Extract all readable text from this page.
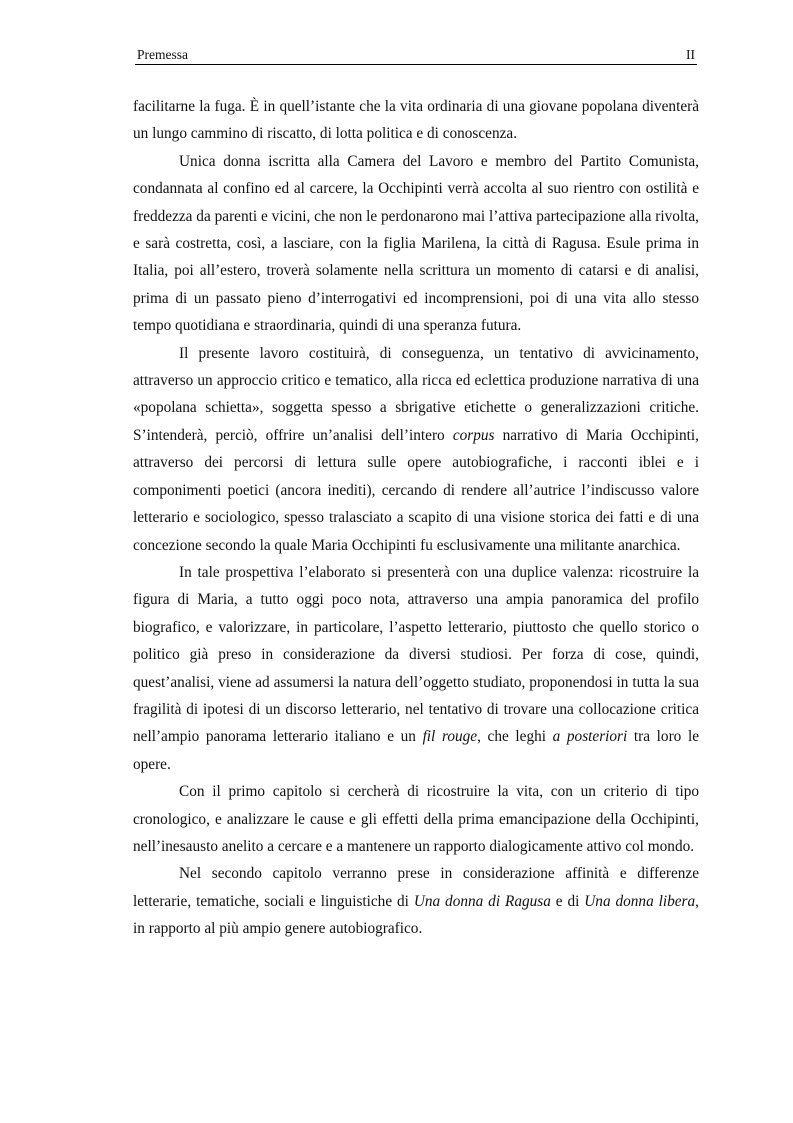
Premessa	II

facilitarne la fuga. È in quell’istante che la vita ordinaria di una giovane popolana diventerà un lungo cammino di riscatto, di lotta politica e di conoscenza.

Unica donna iscritta alla Camera del Lavoro e membro del Partito Comunista, condannata al confino ed al carcere, la Occhipinti verrà accolta al suo rientro con ostilità e freddezza da parenti e vicini, che non le perdonarono mai l’attiva partecipazione alla rivolta, e sarà costretta, così, a lasciare, con la figlia Marilena, la città di Ragusa. Esule prima in Italia, poi all’estero, troverà solamente nella scrittura un momento di catarsi e di analisi, prima di un passato pieno d’interrogativi ed incomprensioni, poi di una vita allo stesso tempo quotidiana e straordinaria, quindi di una speranza futura.

Il presente lavoro costituirà, di conseguenza, un tentativo di avvicinamento, attraverso un approccio critico e tematico, alla ricca ed eclettica produzione narrativa di una «popolana schietta», soggetta spesso a sbrigative etichette o generalizzazioni critiche. S’intenderà, perciò, offrire un’analisi dell’intero corpus narrativo di Maria Occhipinti, attraverso dei percorsi di lettura sulle opere autobiografiche, i racconti iblei e i componimenti poetici (ancora inediti), cercando di rendere all’autrice l’indiscusso valore letterario e sociologico, spesso tralasciato a scapito di una visione storica dei fatti e di una concezione secondo la quale Maria Occhipinti fu esclusivamente una militante anarchica.

In tale prospettiva l’elaborato si presenterà con una duplice valenza: ricostruire la figura di Maria, a tutto oggi poco nota, attraverso una ampia panoramica del profilo biografico, e valorizzare, in particolare, l’aspetto letterario, piuttosto che quello storico o politico già preso in considerazione da diversi studiosi. Per forza di cose, quindi, quest’analisi, viene ad assumersi la natura dell’oggetto studiato, proponendosi in tutta la sua fragilità di ipotesi di un discorso letterario, nel tentativo di trovare una collocazione critica nell’ampio panorama letterario italiano e un fil rouge, che leghi a posteriori tra loro le opere.

Con il primo capitolo si cercherà di ricostruire la vita, con un criterio di tipo cronologico, e analizzare le cause e gli effetti della prima emancipazione della Occhipinti, nell’inesausto anelito a cercare e a mantenere un rapporto dialogicamente attivo col mondo.

Nel secondo capitolo verranno prese in considerazione affinità e differenze letterarie, tematiche, sociali e linguistiche di Una donna di Ragusa e di Una donna libera, in rapporto al più ampio genere autobiografico.
